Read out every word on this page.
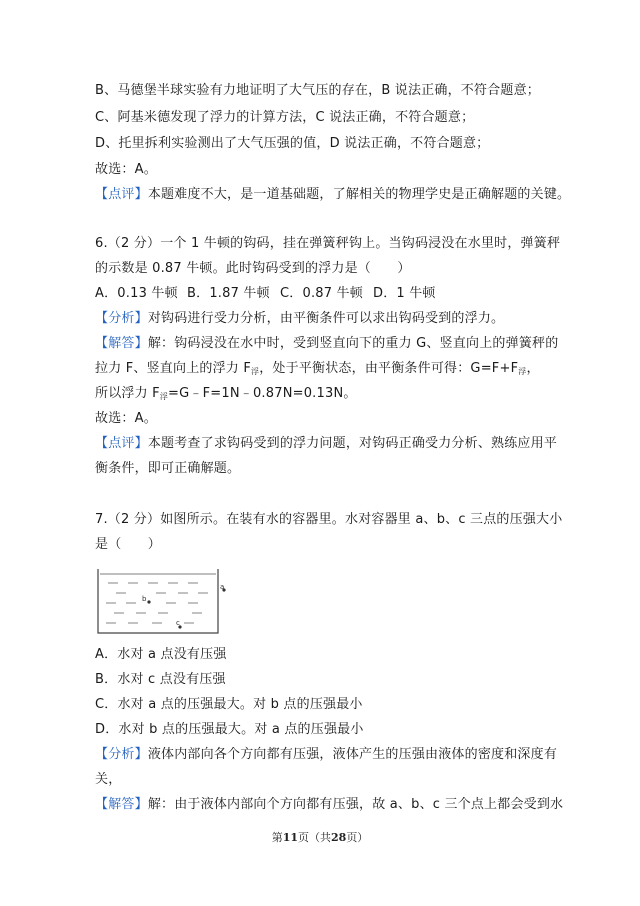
B、马德堡半球实验有力地证明了大气压的存在，B 说法正确，不符合题意；
C、阿基米德发现了浮力的计算方法，C 说法正确，不符合题意；
D、托里拆利实验测出了大气压强的值，D 说法正确，不符合题意；
故选：A。
【点评】本题难度不大，是一道基础题，了解相关的物理学史是正确解题的关键。
6.（2 分）一个 1 牛顿的钩码，挂在弹簧秤钩上。当钩码浸没在水里时，弹簧秤
的示数是 0.87 牛顿。此时钩码受到的浮力是（　　）
A．0.13 牛顿 B．1.87 牛顿 C．0.87 牛顿 D．1 牛顿
【分析】对钩码进行受力分析，由平衡条件可以求出钩码受到的浮力。
【解答】解：钩码浸没在水中时，受到竖直向下的重力 G、竖直向上的弹簧秤的
拉力 F、竖直向上的浮力 $F_浮$，处于平衡状态，由平衡条件可得：$G=F+F_浮$，
所以浮力 $F_浮=G﹣F=1N﹣0.87N=0.13N$。
故选：A。
【点评】本题考查了求钩码受到的浮力问题，对钩码正确受力分析、熟练应用平
衡条件，即可正确解题。
7.（2 分）如图所示。在装有水的容器里。水对容器里 a、b、c 三点的压强大小
是（　　）
a
b
c
A．水对 a 点没有压强
B．水对 c 点没有压强
C．水对 a 点的压强最大。对 b 点的压强最小
D．水对 b 点的压强最大。对 a 点的压强最小
【分析】液体内部向各个方向都有压强，液体产生的压强由液体的密度和深度有
关，
【解答】解：由于液体内部向个方向都有压强，故 a、b、c 三个点上都会受到水
第11页（共28页）
